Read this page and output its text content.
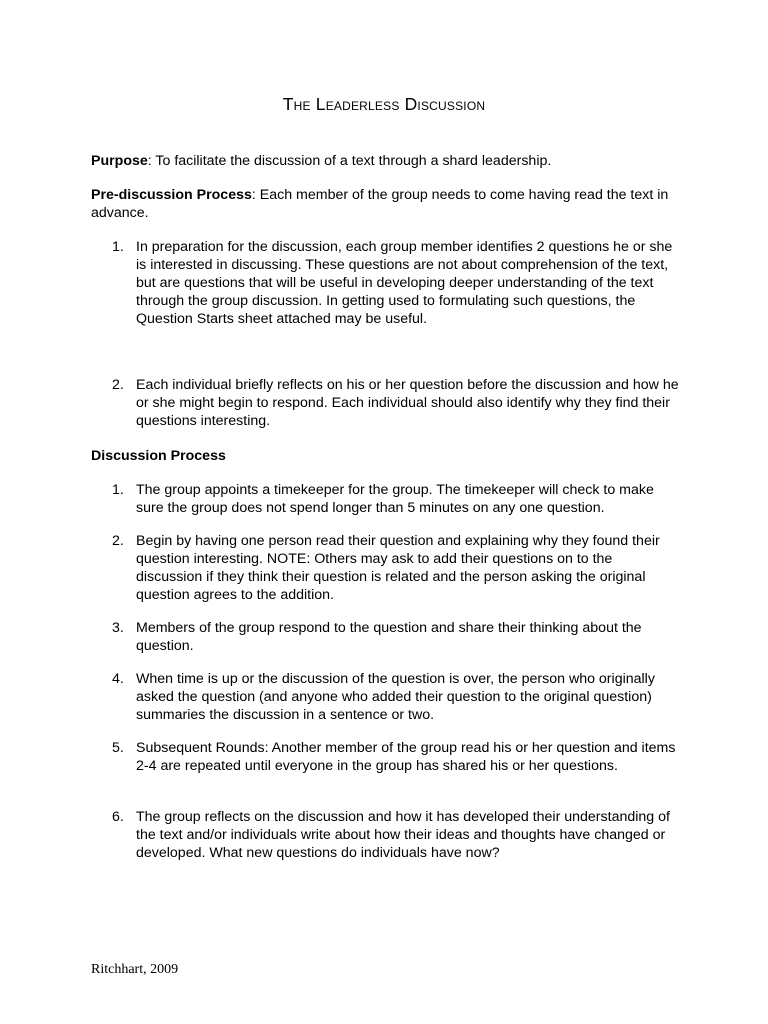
The Leaderless Discussion

Purpose: To facilitate the discussion of a text through a shard leadership.

Pre-discussion Process: Each member of the group needs to come having read the text in advance.

1. In preparation for the discussion, each group member identifies 2 questions he or she is interested in discussing. These questions are not about comprehension of the text, but are questions that will be useful in developing deeper understanding of the text through the group discussion. In getting used to formulating such questions, the Question Starts sheet attached may be useful.
2. Each individual briefly reflects on his or her question before the discussion and how he or she might begin to respond. Each individual should also identify why they find their questions interesting.
Discussion Process
1. The group appoints a timekeeper for the group. The timekeeper will check to make sure the group does not spend longer than 5 minutes on any one question.
2. Begin by having one person read their question and explaining why they found their question interesting. NOTE: Others may ask to add their questions on to the discussion if they think their question is related and the person asking the original question agrees to the addition.
3. Members of the group respond to the question and share their thinking about the question.
4. When time is up or the discussion of the question is over, the person who originally asked the question (and anyone who added their question to the original question) summaries the discussion in a sentence or two.
5. Subsequent Rounds: Another member of the group read his or her question and items 2-4 are repeated until everyone in the group has shared his or her questions.
6. The group reflects on the discussion and how it has developed their understanding of the text and/or individuals write about how their ideas and thoughts have changed or developed. What new questions do individuals have now?
Ritchhart, 2009
